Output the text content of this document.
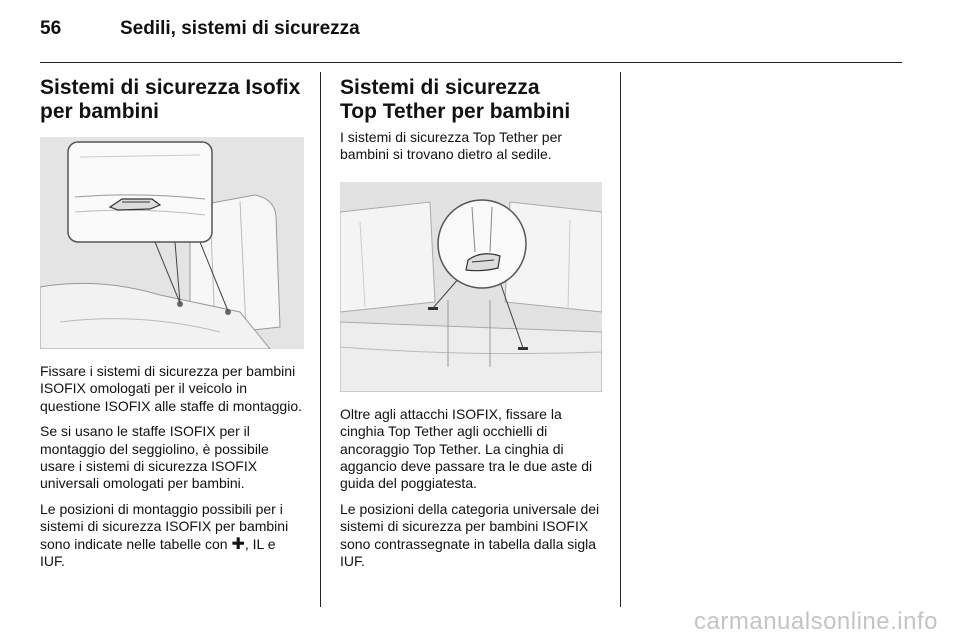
56	Sedili, sistemi di sicurezza
Sistemi di sicurezza Isofix
per bambini

Fissare i sistemi di sicurezza per bambini ISOFIX omologati per il veicolo in questione ISOFIX alle staffe di montaggio.

Se si usano le staffe ISOFIX per il montaggio del seggiolino, è possibile usare i sistemi di sicurezza ISOFIX universali omologati per bambini.

Le posizioni di montaggio possibili per i sistemi di sicurezza ISOFIX per bambini sono indicate nelle tabelle con ✚, IL e IUF.

Sistemi di sicurezza
Top Tether per bambini

I sistemi di sicurezza Top Tether per bambini si trovano dietro al sedile.

Oltre agli attacchi ISOFIX, fissare la cinghia Top Tether agli occhielli di ancoraggio Top Tether. La cinghia di aggancio deve passare tra le due aste di guida del poggiatesta.

Le posizioni della categoria universale dei sistemi di sicurezza per bambini ISOFIX sono contrassegnate in tabella dalla sigla IUF.

carmanualsonline.info
